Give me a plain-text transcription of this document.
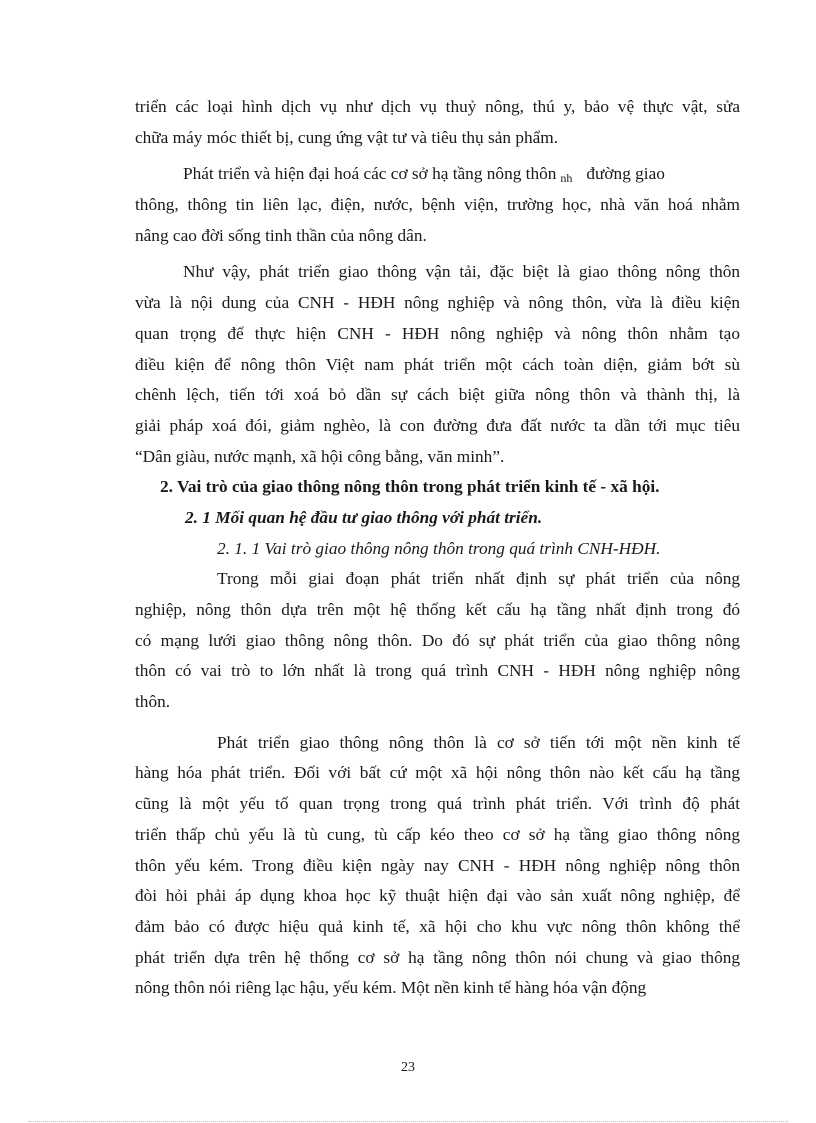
triển các loại hình dịch vụ như dịch vụ thuỷ nông, thú y, bảo vệ thực vật, sửa
chữa máy móc thiết bị, cung ứng vật tư và tiêu thụ sản phẩm.
Phát triển và hiện đại hoá các cơ sở hạ tầng nông thôn $_{nh}$ đường giao
thông, thông tin liên lạc, điện, nước, bệnh viện, trường học, nhà văn hoá nhằm
nâng cao đời sống tinh thần của nông dân.
Như vậy, phát triển giao thông vận tải, đặc biệt là giao thông nông thôn
vừa là nội dung của CNH - HĐH nông nghiệp và nông thôn, vừa là điều kiện
quan trọng để thực hiện CNH - HĐH nông nghiệp và nông thôn nhằm tạo
điều kiện để nông thôn Việt nam phát triển một cách toàn diện, giảm bớt sù
chênh lệch, tiến tới xoá bỏ dần sự cách biệt giữa nông thôn và thành thị, là
giải pháp xoá đói, giảm nghèo, là con đường đưa đất nước ta dần tới mục tiêu
“Dân giàu, nước mạnh, xã hội công bằng, văn minh”.
2. Vai trò của giao thông nông thôn trong phát triển kinh tế - xã hội.
2. 1 Mối quan hệ đầu tư giao thông với phát triển.
2. 1. 1 Vai trò giao thông nông thôn trong quá trình CNH-HĐH.
Trong mỗi giai đoạn phát triển nhất định sự phát triển của nông
nghiệp, nông thôn dựa trên một hệ thống kết cấu hạ tầng nhất định trong đó
có mạng lưới giao thông nông thôn. Do đó sự phát triển của giao thông nông
thôn có vai trò to lớn nhất là trong quá trình CNH - HĐH nông nghiệp nông
thôn.
Phát triển giao thông nông thôn là cơ sở tiến tới một nền kinh tế
hàng hóa phát triển. Đối với bất cứ một xã hội nông thôn nào kết cấu hạ tầng
cũng là một yếu tố quan trọng trong quá trình phát triển. Với trình độ phát
triển thấp chủ yếu là tù cung, tù cấp kéo theo cơ sở hạ tầng giao thông nông
thôn yếu kém. Trong điều kiện ngày nay CNH - HĐH nông nghiệp nông thôn
đòi hỏi phải áp dụng khoa học kỹ thuật hiện đại vào sản xuất nông nghiệp, để
đảm bảo có được hiệu quả kinh tế, xã hội cho khu vực nông thôn không thể
phát triển dựa trên hệ thống cơ sở hạ tầng nông thôn nói chung và giao thông
nông thôn nói riêng lạc hậu, yếu kém. Một nền kinh tế hàng hóa vận động
23
